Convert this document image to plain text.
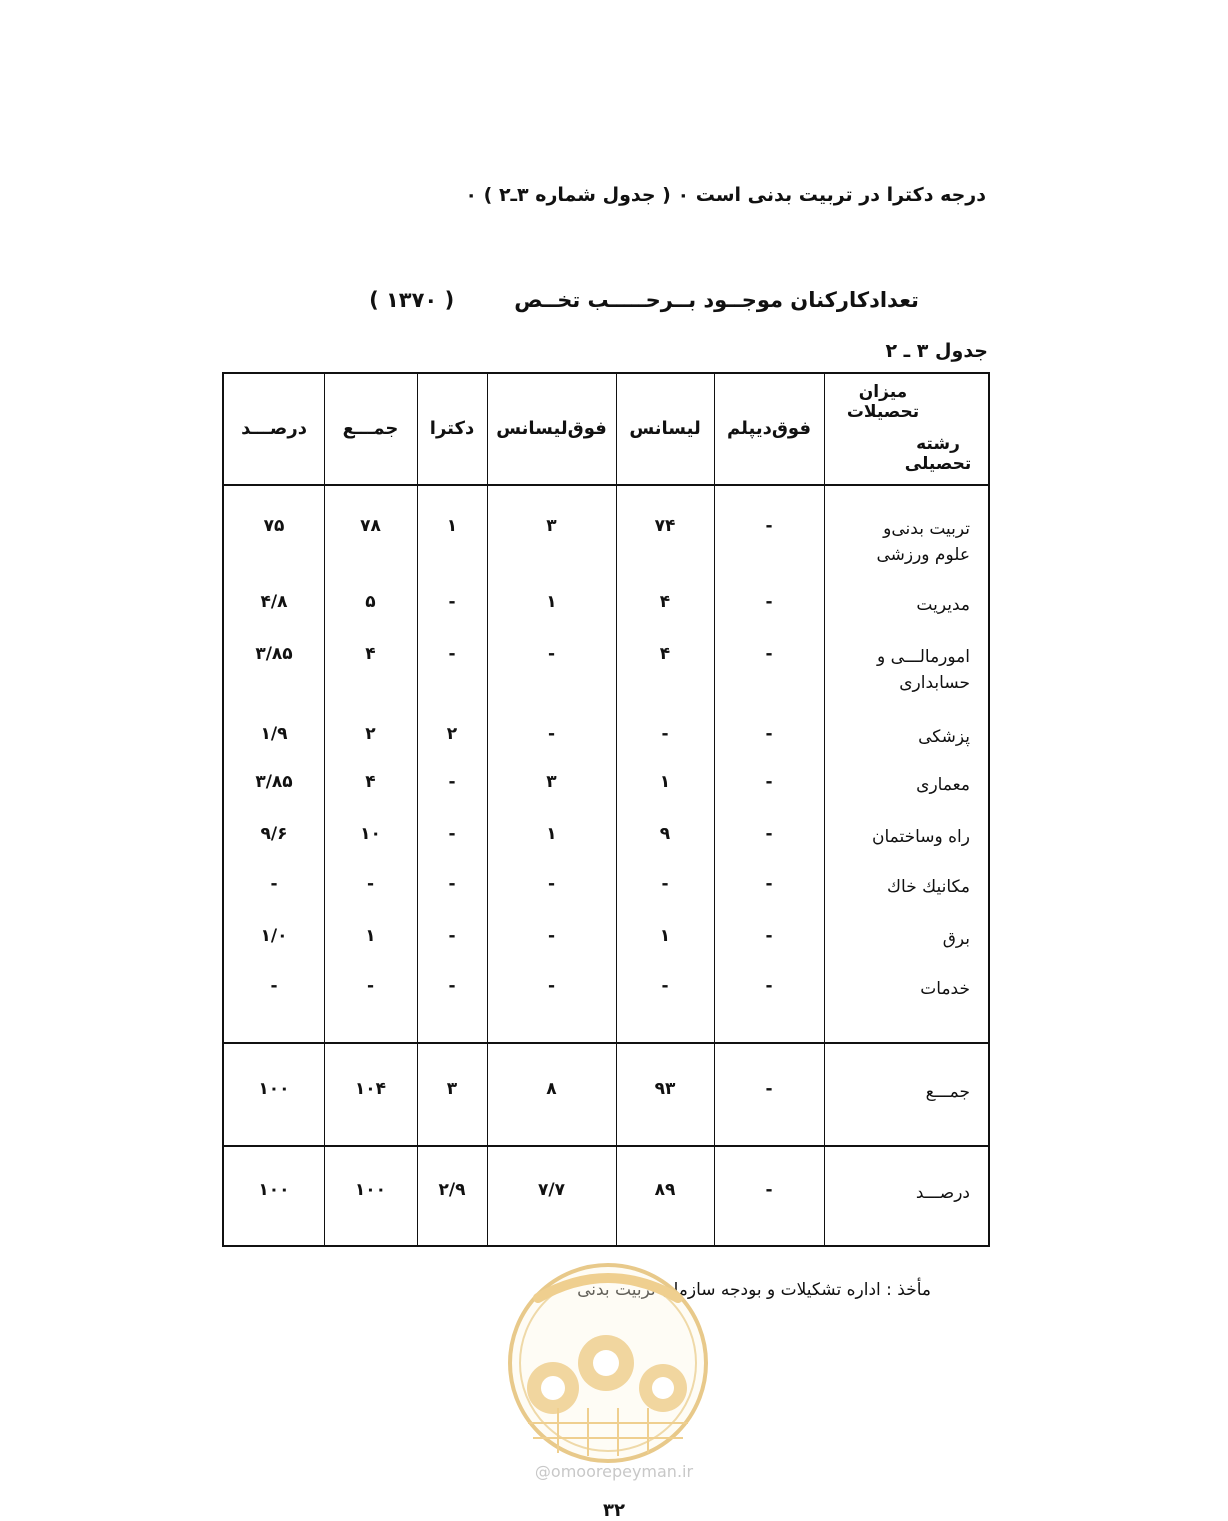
درجه دکترا در تربیت بدنی است ۰ ( جدول شماره ۳ـ۲ ) ۰
تعدادکارکنان موجــود بــرحـــــب تخــص( ۱۳۷۰ )
جدول ۳ ـ ۲
میزان تحصیلات
رشته تحصیلی
فوق‌دیپلم
لیسانس
فوق‌لیسانس
دکترا
جمـــع
درصـــد
تربیت بدنی‌و علوم ورزشی
-
۷۴
۳
۱
۷۸
۷۵
مدیریت
-
۴
۱
-
۵
۴/۸
امورمالـــی و حسابداری
-
۴
-
-
۴
۳/۸۵
پزشکی
-
-
-
۲
۲
۱/۹
معماری
-
۱
۳
-
۴
۳/۸۵
راه وساختمان
-
۹
۱
-
۱۰
۹/۶
مکانیك خاك
-
-
-
-
-
-
برق
-
۱
-
-
۱
۱/۰
خدمات
-
-
-
-
-
-
جمـــع
-
۹۳
۸
۳
۱۰۴
۱۰۰
درصـــد
-
۸۹
۷/۷
۲/۹
۱۰۰
۱۰۰
مأخذ : اداره تشکیلات و بودجه سازمان تربیت بدنی
@omoorepeyman.ir
۳۲
